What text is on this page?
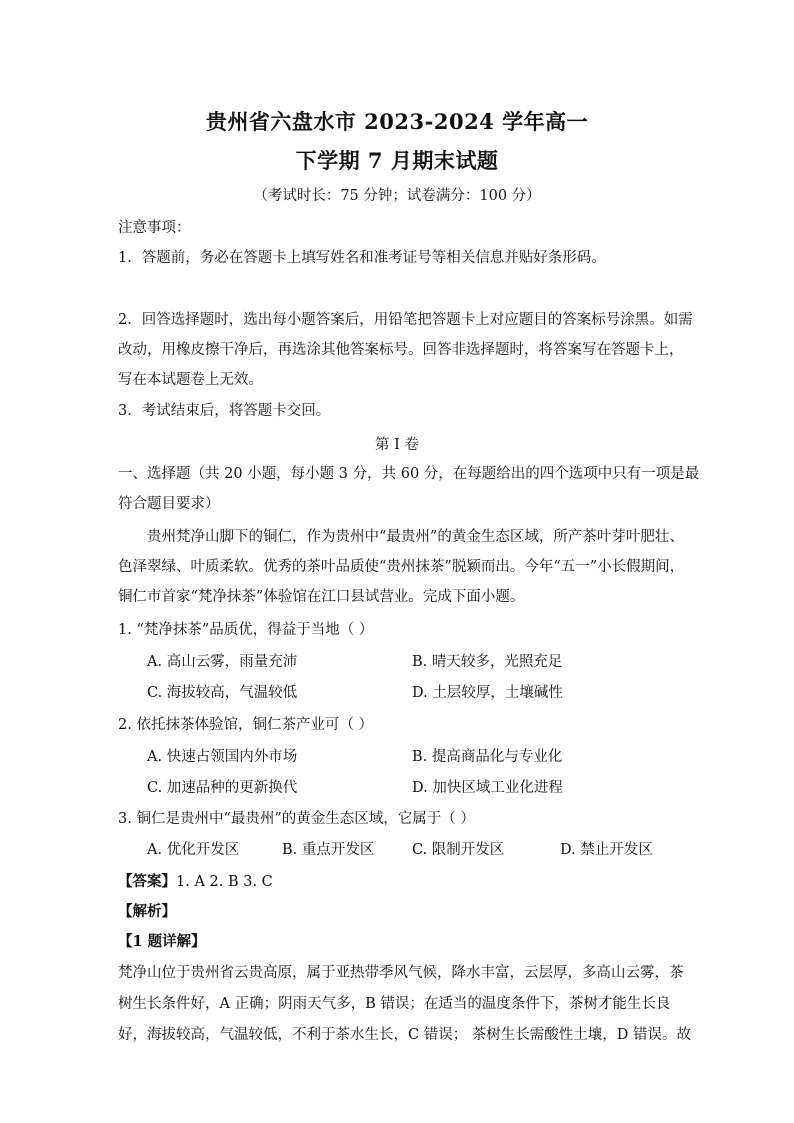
贵州省六盘水市 2023-2024 学年高一
下学期 7 月期末试题
（考试时长：75 分钟；试卷满分：100 分）
注意事项：
1．答题前，务必在答题卡上填写姓名和准考证号等相关信息并贴好条形码。
2．回答选择题时，选出每小题答案后，用铅笔把答题卡上对应题目的答案标号涂黑。如需
改动，用橡皮擦干净后，再选涂其他答案标号。回答非选择题时，将答案写在答题卡上，
写在本试题卷上无效。
3．考试结束后，将答题卡交回。
第 I 卷
一、选择题（共 20 小题，每小题 3 分，共 60 分，在每题给出的四个选项中只有一项是最
符合题目要求）
贵州梵净山脚下的铜仁，作为贵州中“最贵州”的黄金生态区域，所产茶叶芽叶肥壮、
色泽翠绿、叶质柔软。优秀的茶叶品质使“贵州抹茶”脱颖而出。今年“五一”小长假期间，
铜仁市首家“梵净抹茶”体验馆在江口县试营业。完成下面小题。
1. “梵净抹茶”品质优，得益于当地（ ）
A. 高山云雾，雨量充沛	B. 晴天较多，光照充足
C. 海拔较高，气温较低	D. 土层较厚，土壤碱性
2. 依托抹茶体验馆，铜仁茶产业可（ ）
A. 快速占领国内外市场	B. 提高商品化与专业化
C. 加速品种的更新换代	D. 加快区域工业化进程
3. 铜仁是贵州中“最贵州”的黄金生态区域，它属于（ ）
A. 优化开发区	B. 重点开发区	C. 限制开发区	D. 禁止开发区
【答案】1. A 2. B 3. C
【解析】
【1 题详解】
梵净山位于贵州省云贵高原，属于亚热带季风气候，降水丰富，云层厚，多高山云雾，茶
树生长条件好，A 正确；阴雨天气多，B 错误；在适当的温度条件下，茶树才能生长良
好，海拔较高，气温较低，不利于茶水生长，C 错误； 茶树生长需酸性土壤，D 错误。故
